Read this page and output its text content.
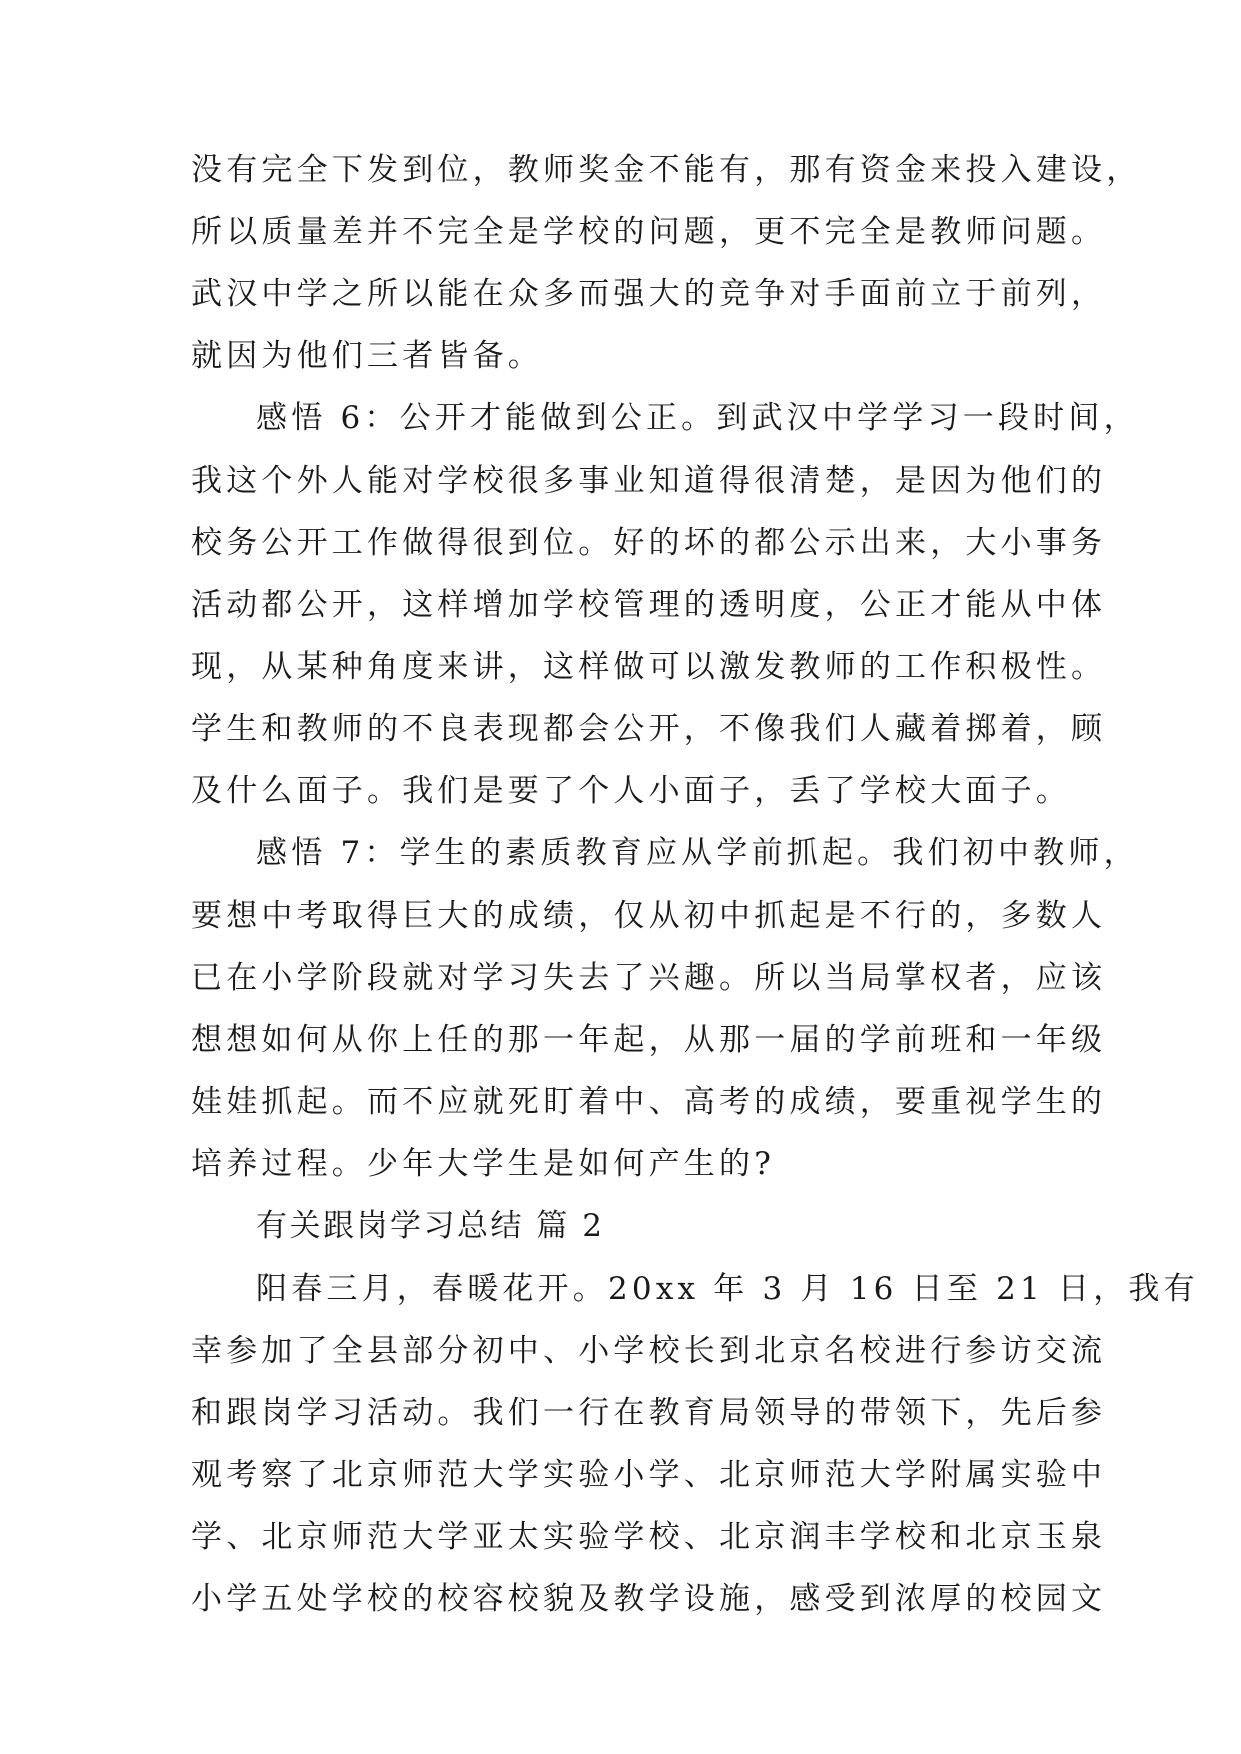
没有完全下发到位，教师奖金不能有，那有资金来投入建设，
所以质量差并不完全是学校的问题，更不完全是教师问题。
武汉中学之所以能在众多而强大的竞争对手面前立于前列，
就因为他们三者皆备。
感悟 6：公开才能做到公正。到武汉中学学习一段时间，
我这个外人能对学校很多事业知道得很清楚，是因为他们的
校务公开工作做得很到位。好的坏的都公示出来，大小事务
活动都公开，这样增加学校管理的透明度，公正才能从中体
现，从某种角度来讲，这样做可以激发教师的工作积极性。
学生和教师的不良表现都会公开，不像我们人藏着掷着，顾
及什么面子。我们是要了个人小面子，丢了学校大面子。
感悟 7：学生的素质教育应从学前抓起。我们初中教师，
要想中考取得巨大的成绩，仅从初中抓起是不行的，多数人
已在小学阶段就对学习失去了兴趣。所以当局掌权者，应该
想想如何从你上任的那一年起，从那一届的学前班和一年级
娃娃抓起。而不应就死盯着中、高考的成绩，要重视学生的
培养过程。少年大学生是如何产生的?
有关跟岗学习总结 篇 2
阳春三月，春暖花开。20xx 年 3 月 16 日至 21 日，我有
幸参加了全县部分初中、小学校长到北京名校进行参访交流
和跟岗学习活动。我们一行在教育局领导的带领下，先后参
观考察了北京师范大学实验小学、北京师范大学附属实验中
学、北京师范大学亚太实验学校、北京润丰学校和北京玉泉
小学五处学校的校容校貌及教学设施，感受到浓厚的校园文
